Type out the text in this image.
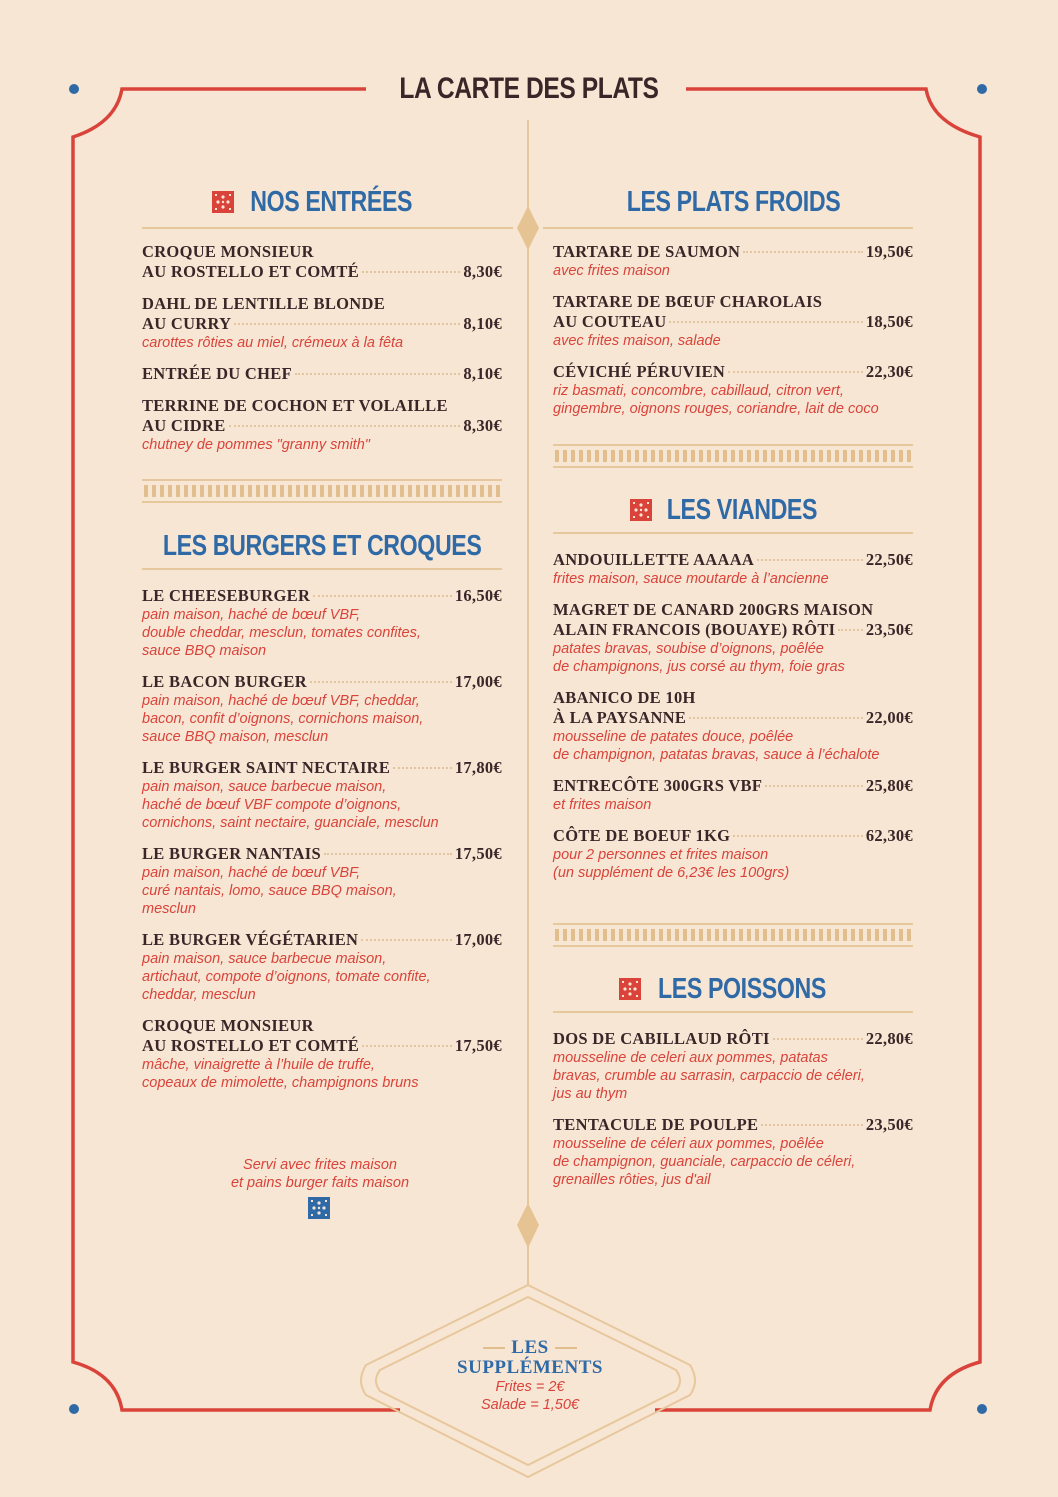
LA CARTE DES PLATS
NOS ENTRÉES
CROQUE MONSIEUR
AU ROSTELLO ET COMTÉ	8,30€
DAHL DE LENTILLE BLONDE
AU CURRY	8,10€
carottes rôties au miel, crémeux à la fêta
ENTRÉE DU CHEF	8,10€
TERRINE DE COCHON ET VOLAILLE
AU CIDRE	8,30€
chutney de pommes "granny smith"
LES BURGERS ET CROQUES
LE CHEESEBURGER	16,50€
pain maison, haché de bœuf VBF,
double cheddar, mesclun, tomates confites,
sauce BBQ maison
LE BACON BURGER	17,00€
pain maison, haché de bœuf VBF, cheddar,
bacon, confit d’oignons, cornichons maison,
sauce BBQ maison, mesclun
LE BURGER SAINT NECTAIRE	17,80€
pain maison, sauce barbecue maison,
haché de bœuf VBF compote d’oignons,
cornichons, saint nectaire, guanciale, mesclun
LE BURGER NANTAIS	17,50€
pain maison, haché de bœuf VBF,
curé nantais, lomo, sauce BBQ maison,
mesclun
LE BURGER VÉGÉTARIEN	17,00€
pain maison, sauce barbecue maison,
artichaut, compote d’oignons, tomate confite,
cheddar, mesclun
CROQUE MONSIEUR
AU ROSTELLO ET COMTÉ	17,50€
mâche, vinaigrette à l’huile de truffe,
copeaux de mimolette, champignons bruns
Servi avec frites maison
et pains burger faits maison
LES PLATS FROIDS
TARTARE DE SAUMON	19,50€
avec frites maison
TARTARE DE BŒUF CHAROLAIS
AU COUTEAU	18,50€
avec frites maison, salade
CÉVICHÉ PÉRUVIEN	22,30€
riz basmati, concombre, cabillaud, citron vert,
gingembre, oignons rouges, coriandre, lait de coco
LES VIANDES
ANDOUILLETTE AAAAA	22,50€
frites maison, sauce moutarde à l’ancienne
MAGRET DE CANARD 200GRS MAISON
ALAIN FRANCOIS (BOUAYE) RÔTI 23,50€
patates bravas, soubise d’oignons, poêlée
de champignons, jus corsé au thym, foie gras
ABANICO DE 10H
À LA PAYSANNE	22,00€
mousseline de patates douce, poêlée
de champignon, patatas bravas, sauce à l’échalote
ENTRECÔTE 300GRS VBF	25,80€
et frites maison
CÔTE DE BOEUF 1KG	62,30€
pour 2 personnes et frites maison
(un supplément de 6,23€ les 100grs)
LES POISSONS
DOS DE CABILLAUD RÔTI	22,80€
mousseline de celeri aux pommes, patatas
bravas, crumble au sarrasin, carpaccio de céleri,
jus au thym
TENTACULE DE POULPE	23,50€
mousseline de céleri aux pommes, poêlée
de champignon, guanciale, carpaccio de céleri,
grenailles rôties, jus d'ail
LES
SUPPLÉMENTS
Frites = 2€
Salade = 1,50€
